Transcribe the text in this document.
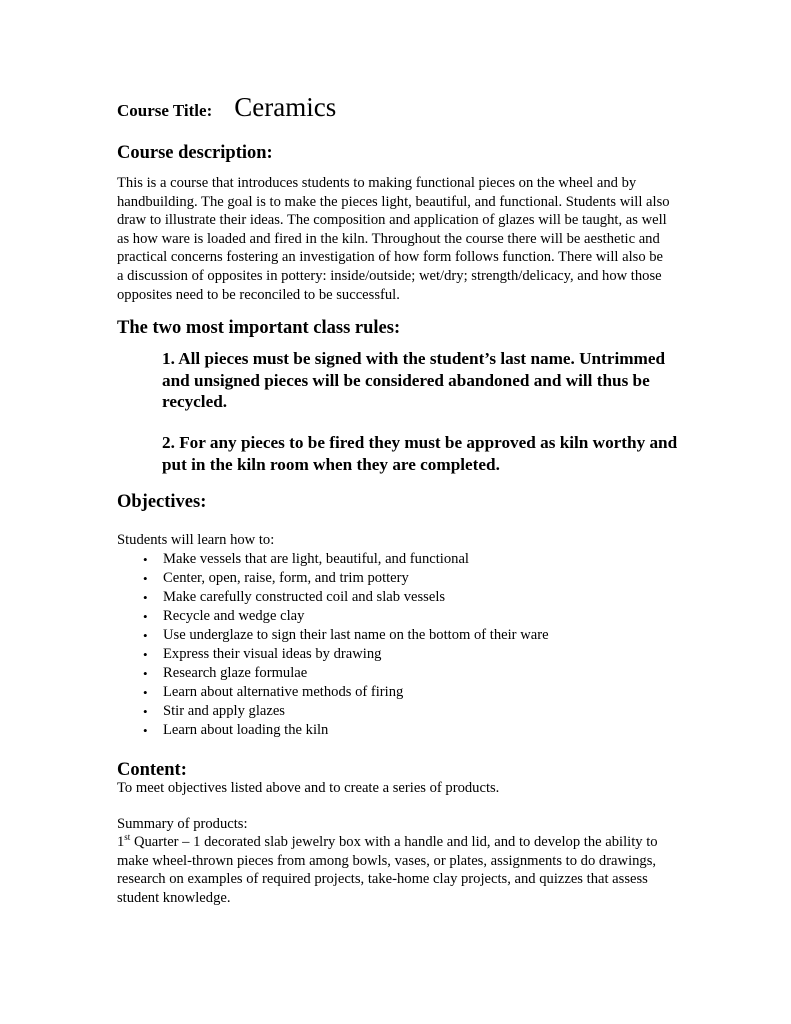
Course Title: Ceramics
Course description:
This is a course that introduces students to making functional pieces on the wheel and by handbuilding. The goal is to make the pieces light, beautiful, and functional. Students will also draw to illustrate their ideas. The composition and application of glazes will be taught, as well as how ware is loaded and fired in the kiln. Throughout the course there will be aesthetic and practical concerns fostering an investigation of how form follows function. There will also be a discussion of opposites in pottery: inside/outside; wet/dry; strength/delicacy, and how those opposites need to be reconciled to be successful.
The two most important class rules:
1. All pieces must be signed with the student’s last name. Untrimmed and unsigned pieces will be considered abandoned and will thus be recycled.
2. For any pieces to be fired they must be approved as kiln worthy and put in the kiln room when they are completed.
Objectives:
Students will learn how to:
• Make vessels that are light, beautiful, and functional
• Center, open, raise, form, and trim pottery
• Make carefully constructed coil and slab vessels
• Recycle and wedge clay
• Use underglaze to sign their last name on the bottom of their ware
• Express their visual ideas by drawing
• Research glaze formulae
• Learn about alternative methods of firing
• Stir and apply glazes
• Learn about loading the kiln
Content:
To meet objectives listed above and to create a series of products.
Summary of products:
1st Quarter – 1 decorated slab jewelry box with a handle and lid, and to develop the ability to make wheel-thrown pieces from among bowls, vases, or plates, assignments to do drawings, research on examples of required projects, take-home clay projects, and quizzes that assess student knowledge.
